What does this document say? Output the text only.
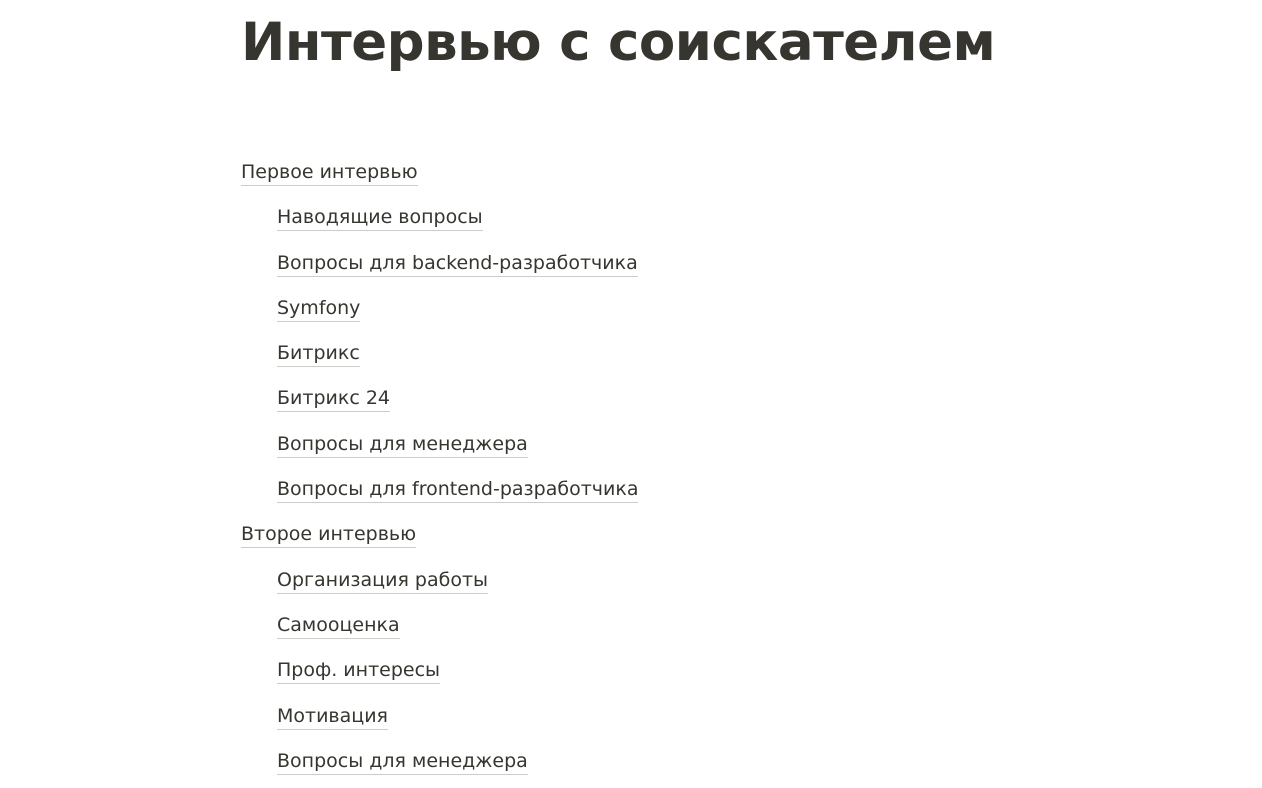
Интервью с соискателем
Первое интервью
Наводящие вопросы
Вопросы для backend-разработчика
Symfony
Битрикс
Битрикс 24
Вопросы для менеджера
Вопросы для frontend-разработчика
Второе интервью
Организация работы
Самооценка
Проф. интересы
Мотивация
Вопросы для менеджера
